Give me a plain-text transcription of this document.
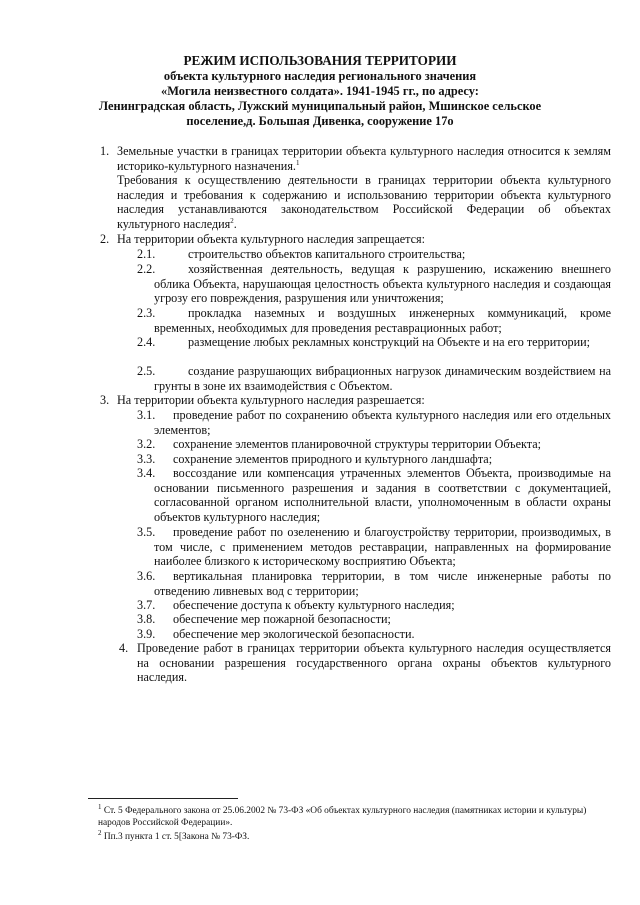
РЕЖИМ ИСПОЛЬЗОВАНИЯ ТЕРРИТОРИИ
объекта культурного наследия регионального значения
«Могила неизвестного солдата». 1941-1945 гг., по адресу:
Ленинградская область, Лужский муниципальный район, Мшинское сельское
поселение,д. Большая Дивенка, сооружение 17о
1. Земельные участки в границах территории объекта культурного наследия относится к землям историко-культурного назначения.$^1$
Требования к осуществлению деятельности в границах территории объекта культурного наследия и требования к содержанию и использованию территории объекта культурного наследия устанавливаются законодательством Российской Федерации об объектах культурного наследия$^2$.
2. На территории объекта культурного наследия запрещается:
2.1.	строительство объектов капитального строительства;
2.2.	хозяйственная деятельность, ведущая к разрушению, искажению внешнего облика Объекта, нарушающая целостность объекта культурного наследия и создающая угрозу его повреждения, разрушения или уничтожения;
2.3.	прокладка наземных и воздушных инженерных коммуникаций, кроме временных, необходимых для проведения реставрационных работ;
2.4.	размещение любых рекламных конструкций на Объекте и на его территории;
2.5.	создание разрушающих вибрационных нагрузок динамическим воздействием на грунты в зоне их взаимодействия с Объектом.
3. На территории объекта культурного наследия разрешается:
3.1.	проведение работ по сохранению объекта культурного наследия или его отдельных элементов;
3.2. сохранение элементов планировочной структуры территории Объекта;
3.3. сохранение элементов природного и культурного ландшафта;
3.4.	воссоздание или компенсация утраченных элементов Объекта, производимые на основании письменного разрешения и задания в соответствии с документацией, согласованной органом исполнительной власти, уполномоченным в области охраны объектов культурного наследия;
3.5.	проведение работ по озеленению и благоустройству территории, производимых, в том числе, с применением методов реставрации, направленных на формирование наиболее близкого к историческому восприятию Объекта;
3.6.	вертикальная планировка территории, в том числе инженерные работы по отведению ливневых вод с территории;
3.7. обеспечение доступа к объекту культурного наследия;
3.8. обеспечение мер пожарной безопасности;
3.9. обеспечение мер экологической безопасности.
4. Проведение работ в границах территории объекта культурного наследия осуществляется на основании разрешения государственного органа охраны объектов культурного наследия.
$^1$ Ст. 5 Федерального закона от 25.06.2002 № 73-ФЗ «Об объектах культурного наследия (памятниках истории и культуры) народов Российской Федерации».
$^2$ Пп.3 пункта 1 ст. 5[Закона № 73-ФЗ.
